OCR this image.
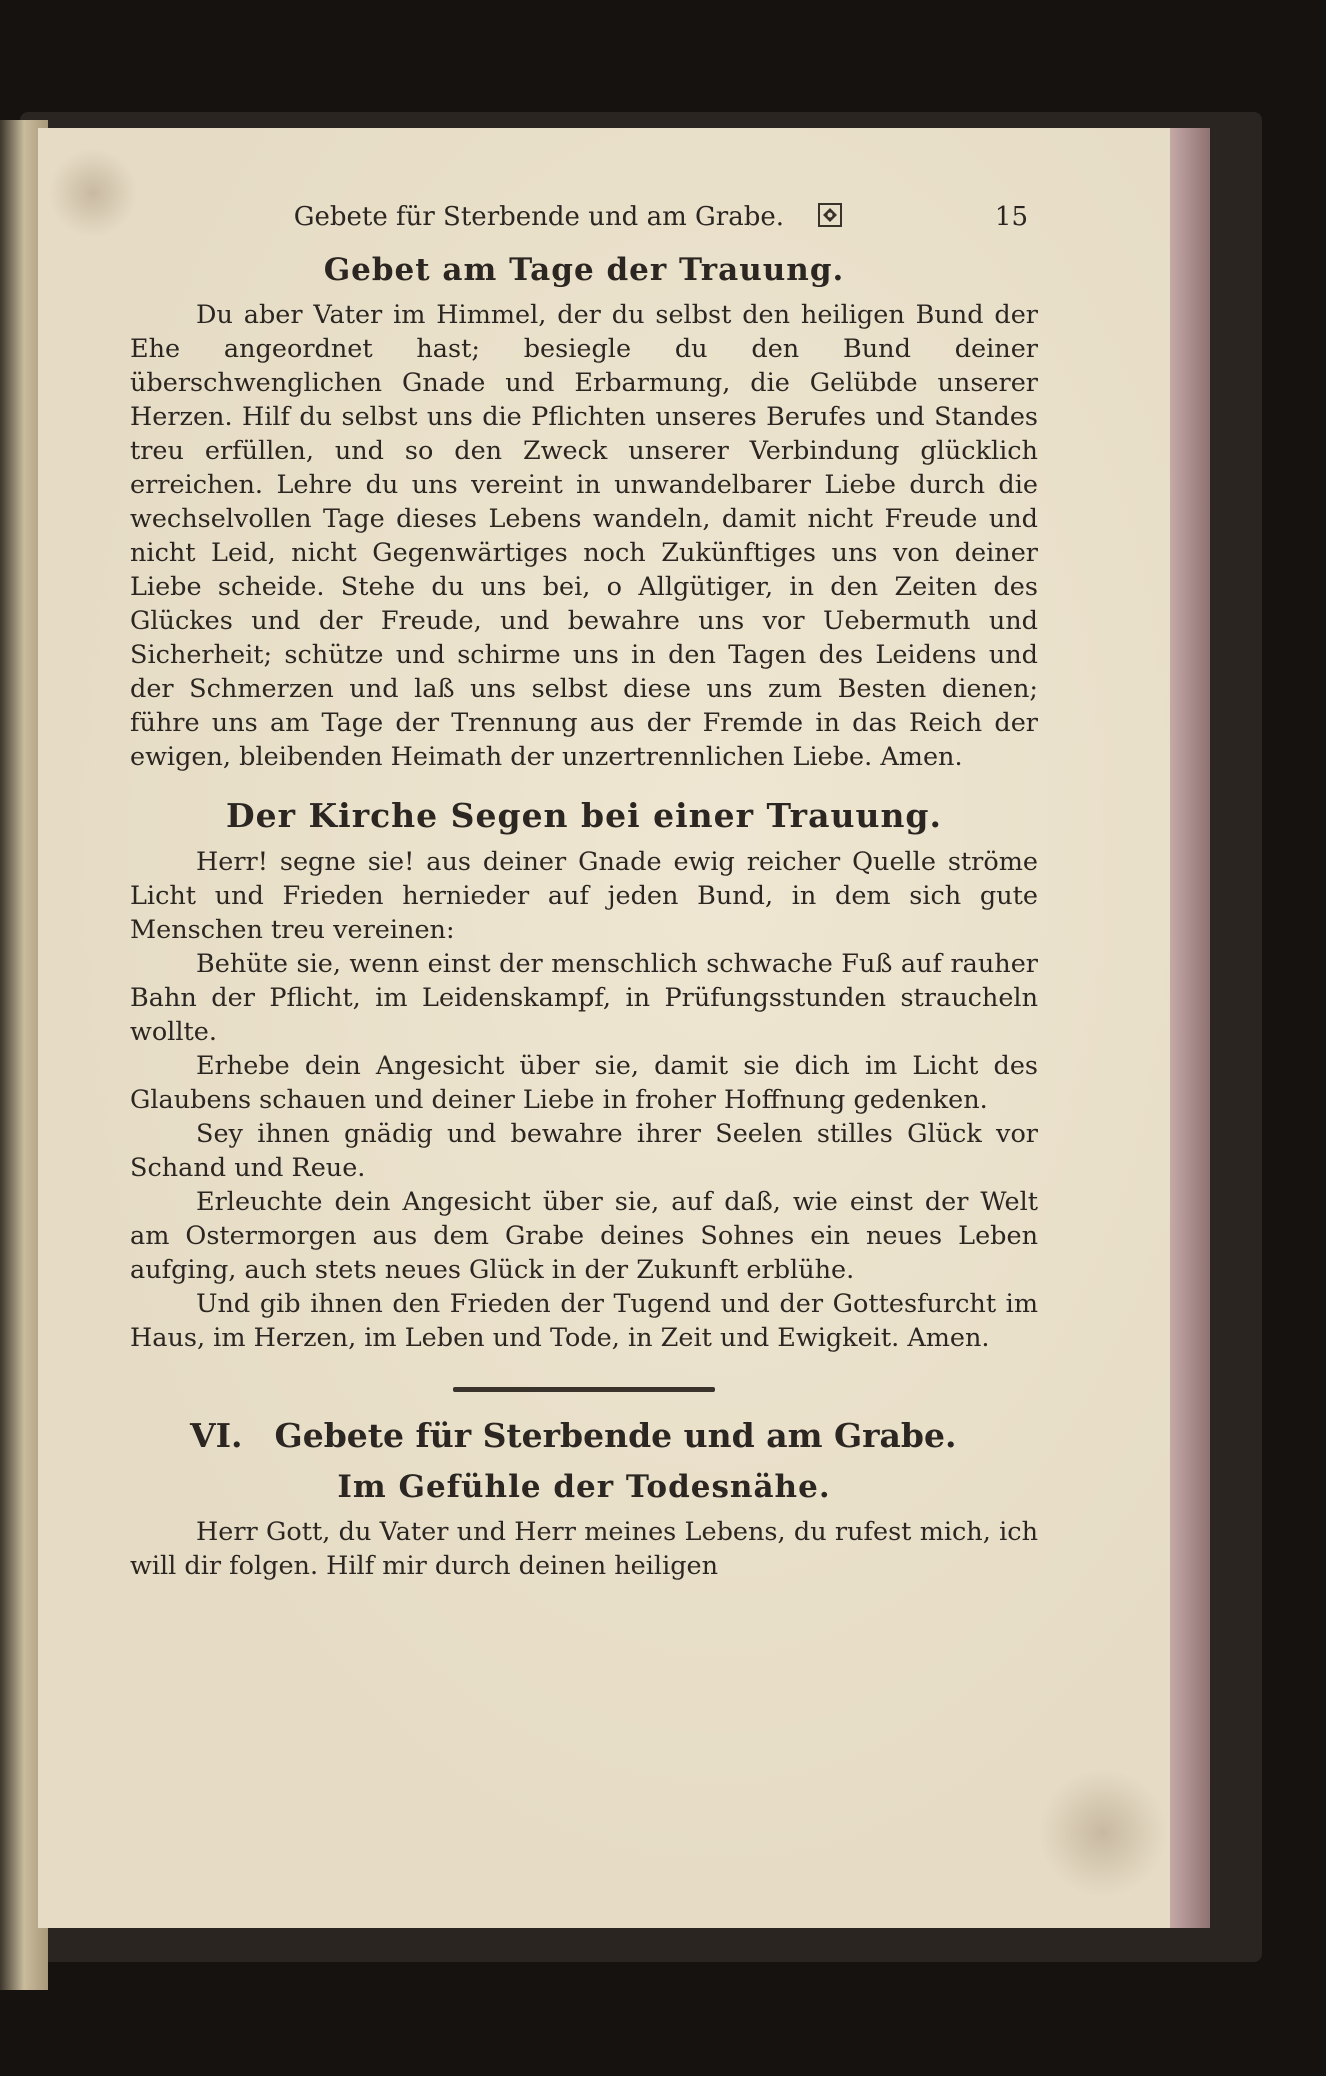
Gebete für Sterbende und am Grabe.	15
Gebet am Tage der Trauung.

Du aber Vater im Himmel, der du selbst den heiligen Bund der Ehe angeordnet hast; besiegle du den Bund deiner überschwenglichen Gnade und Erbarmung, die Gelübde unserer Herzen. Hilf du selbst uns die Pflichten unseres Berufes und Standes treu erfüllen, und so den Zweck unserer Verbindung glücklich erreichen. Lehre du uns vereint in unwandelbarer Liebe durch die wechselvollen Tage dieses Lebens wandeln, damit nicht Freude und nicht Leid, nicht Gegenwärtiges noch Zukünftiges uns von deiner Liebe scheide. Stehe du uns bei, o Allgütiger, in den Zeiten des Glückes und der Freude, und bewahre uns vor Uebermuth und Sicherheit; schütze und schirme uns in den Tagen des Leidens und der Schmerzen und laß uns selbst diese uns zum Besten dienen; führe uns am Tage der Trennung aus der Fremde in das Reich der ewigen, bleibenden Heimath der unzertrennlichen Liebe. Amen.

Der Kirche Segen bei einer Trauung.

Herr! segne sie! aus deiner Gnade ewig reicher Quelle ströme Licht und Frieden hernieder auf jeden Bund, in dem sich gute Menschen treu vereinen:

Behüte sie, wenn einst der menschlich schwache Fuß auf rauher Bahn der Pflicht, im Leidenskampf, in Prüfungsstunden straucheln wollte.

Erhebe dein Angesicht über sie, damit sie dich im Licht des Glaubens schauen und deiner Liebe in froher Hoffnung gedenken.

Sey ihnen gnädig und bewahre ihrer Seelen stilles Glück vor Schand und Reue.

Erleuchte dein Angesicht über sie, auf daß, wie einst der Welt am Ostermorgen aus dem Grabe deines Sohnes ein neues Leben aufging, auch stets neues Glück in der Zukunft erblühe.

Und gib ihnen den Frieden der Tugend und der Gottesfurcht im Haus, im Herzen, im Leben und Tode, in Zeit und Ewigkeit. Amen.

VI. Gebete für Sterbende und am Grabe.
Im Gefühle der Todesnähe.

Herr Gott, du Vater und Herr meines Lebens, du rufest mich, ich will dir folgen. Hilf mir durch deinen heiligen
